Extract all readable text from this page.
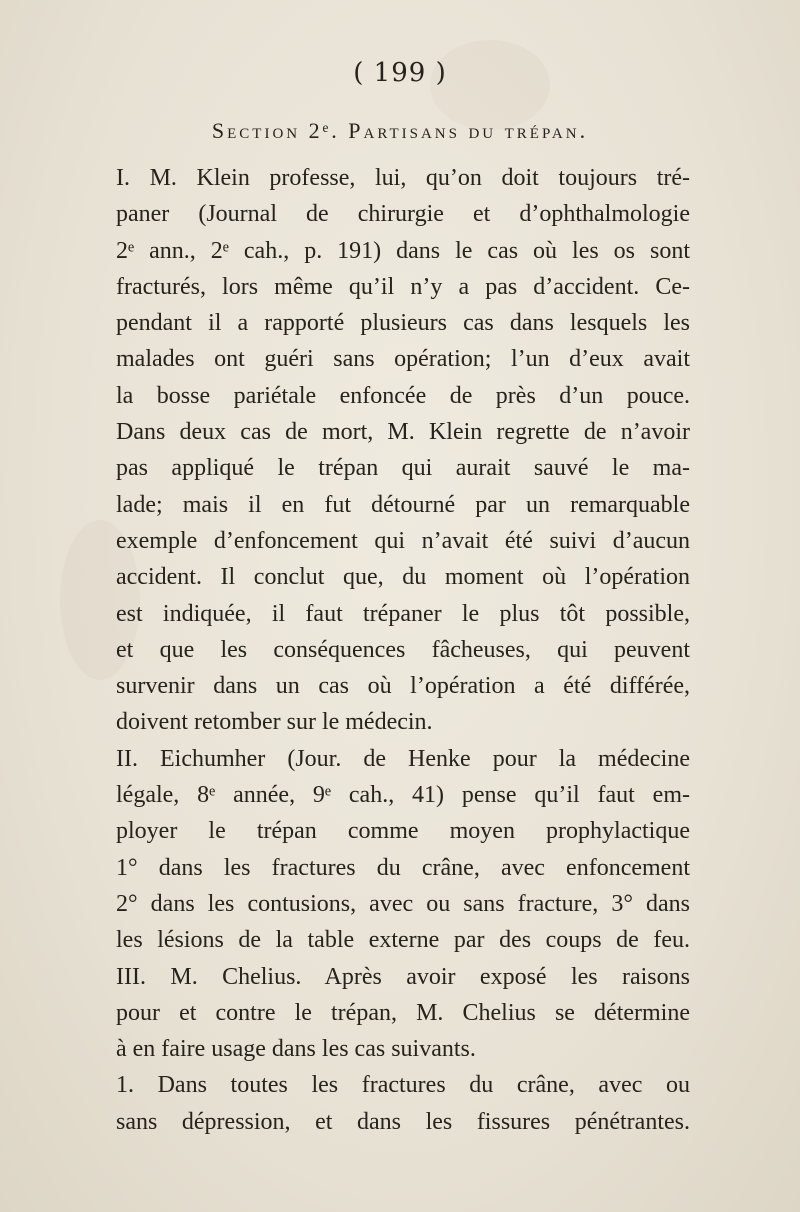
( 199 )
Section 2ᵉ. Partisans du trépan.
I. M. Klein professe, lui, qu’on doit toujours tré-
paner (Journal de chirurgie et d’ophthalmologie
2ᵉ ann., 2ᵉ cah., p. 191) dans le cas où les os sont
fracturés, lors même qu’il n’y a pas d’accident. Ce-
pendant il a rapporté plusieurs cas dans lesquels les
malades ont guéri sans opération; l’un d’eux avait
la bosse pariétale enfoncée de près d’un pouce.
Dans deux cas de mort, M. Klein regrette de n’avoir
pas appliqué le trépan qui aurait sauvé le ma-
lade; mais il en fut détourné par un remarquable
exemple d’enfoncement qui n’avait été suivi d’aucun
accident. Il conclut que, du moment où l’opération
est indiquée, il faut trépaner le plus tôt possible,
et que les conséquences fâcheuses, qui peuvent
survenir dans un cas où l’opération a été différée,
doivent retomber sur le médecin.
II. Eichumher (Jour. de Henke pour la médecine
légale, 8ᵉ année, 9ᵉ cah., 41) pense qu’il faut em-
ployer le trépan comme moyen prophylactique
1° dans les fractures du crâne, avec enfoncement
2° dans les contusions, avec ou sans fracture, 3° dans
les lésions de la table externe par des coups de feu.
III. M. Chelius. Après avoir exposé les raisons
pour et contre le trépan, M. Chelius se détermine
à en faire usage dans les cas suivants.
1. Dans toutes les fractures du crâne, avec ou
sans dépression, et dans les fissures pénétrantes.
